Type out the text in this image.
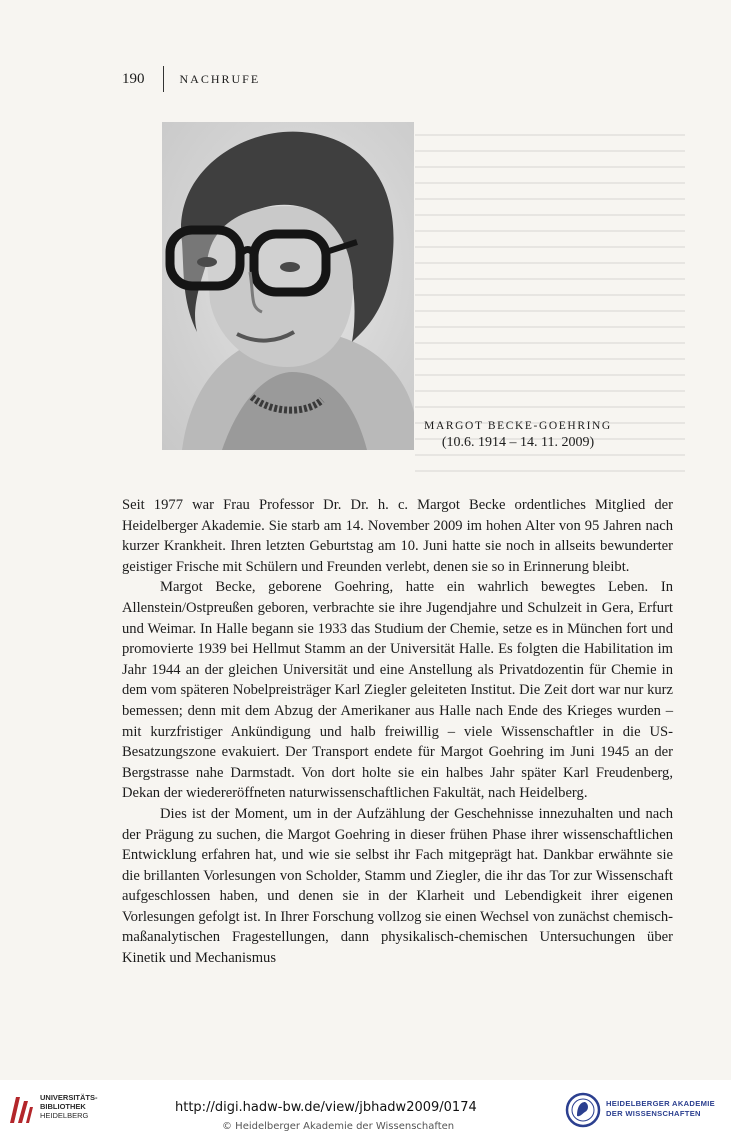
190	NACHRUFE
MARGOT BECKE-GOEHRING
(10.6. 1914 – 14. 11. 2009)

Seit 1977 war Frau Professor Dr. Dr. h. c. Margot Becke ordentliches Mitglied der Heidelberger Akademie. Sie starb am 14. November 2009 im hohen Alter von 95 Jahren nach kurzer Krankheit. Ihren letzten Geburtstag am 10. Juni hatte sie noch in allseits bewunderter geistiger Frische mit Schülern und Freunden verlebt, denen sie so in Erinnerung bleibt.

Margot Becke, geborene Goehring, hatte ein wahrlich bewegtes Leben. In Allenstein/Ostpreußen geboren, verbrachte sie ihre Jugendjahre und Schulzeit in Gera, Erfurt und Weimar. In Halle begann sie 1933 das Studium der Chemie, setze es in München fort und promovierte 1939 bei Hellmut Stamm an der Universität Halle. Es folgten die Habilitation im Jahr 1944 an der gleichen Universität und eine Anstellung als Privatdozentin für Chemie in dem vom späteren Nobelpreisträger Karl Ziegler geleiteten Institut. Die Zeit dort war nur kurz bemessen; denn mit dem Abzug der Amerikaner aus Halle nach Ende des Krieges wurden – mit kurzfristiger Ankündigung und halb freiwillig – viele Wissenschaftler in die US-Besatzungszone evakuiert. Der Transport endete für Margot Goehring im Juni 1945 an der Bergstrasse nahe Darmstadt. Von dort holte sie ein halbes Jahr später Karl Freudenberg, Dekan der wiedereröffneten naturwissenschaftlichen Fakultät, nach Heidelberg.

Dies ist der Moment, um in der Aufzählung der Geschehnisse innezuhalten und nach der Prägung zu suchen, die Margot Goehring in dieser frühen Phase ihrer wissenschaftlichen Entwicklung erfahren hat, und wie sie selbst ihr Fach mitgeprägt hat. Dankbar erwähnte sie die brillanten Vorlesungen von Scholder, Stamm und Ziegler, die ihr das Tor zur Wissenschaft aufgeschlossen haben, und denen sie in der Klarheit und Lebendigkeit ihrer eigenen Vorlesungen gefolgt ist. In Ihrer Forschung vollzog sie einen Wechsel von zunächst chemisch-maßanalytischen Fragestellungen, dann physikalisch-chemischen Untersuchungen über Kinetik und Mechanismus

UNIVERSITÄTS-
BIBLIOTHEK
HEIDELBERG
http://digi.hadw-bw.de/view/jbhadw2009/0174
© Heidelberger Akademie der Wissenschaften
HEIDELBERGER AKADEMIE
DER WISSENSCHAFTEN
